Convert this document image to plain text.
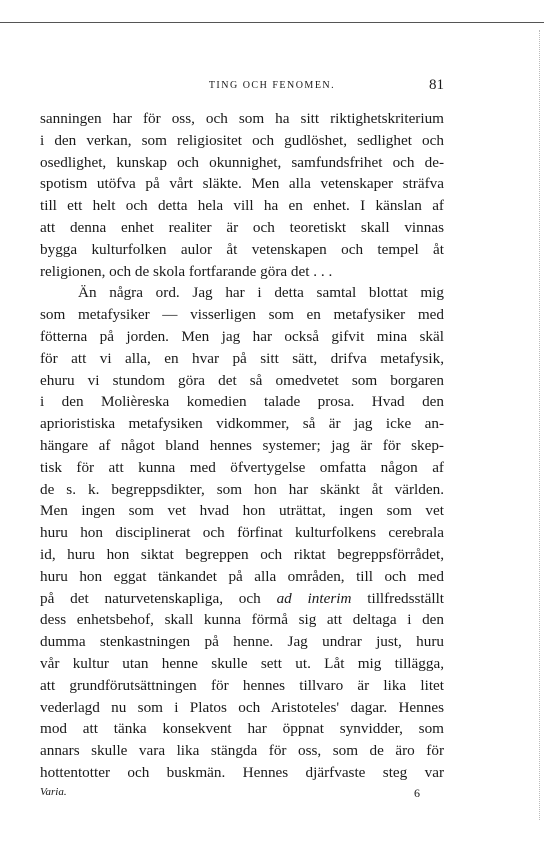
TING OCH FENOMEN.	81
sanningen har för oss, och som ha sitt riktighetskriterium
i den verkan, som religiositet och gudlöshet, sedlighet och
osedlighet, kunskap och okunnighet, samfundsfrihet och de-
spotism utöfva på vårt släkte. Men alla vetenskaper sträfva
till ett helt och detta hela vill ha en enhet. I känslan af
att denna enhet realiter är och teoretiskt skall vinnas
bygga kulturfolken aulor åt vetenskapen och tempel åt
religionen, och de skola fortfarande göra det . . .
Än några ord. Jag har i detta samtal blottat mig
som metafysiker — visserligen som en metafysiker med
fötterna på jorden. Men jag har också gifvit mina skäl
för att vi alla, en hvar på sitt sätt, drifva metafysik,
ehuru vi stundom göra det så omedvetet som borgaren
i den Molièreska komedien talade prosa. Hvad den
aprioristiska metafysiken vidkommer, så är jag icke an-
hängare af något bland hennes systemer; jag är för skep-
tisk för att kunna med öfvertygelse omfatta någon af
de s. k. begreppsdikter, som hon har skänkt åt världen.
Men ingen som vet hvad hon uträttat, ingen som vet
huru hon disciplinerat och förfinat kulturfolkens cerebrala
id, huru hon siktat begreppen och riktat begreppsförrådet,
huru hon eggat tänkandet på alla områden, till och med
på det naturvetenskapliga, och ad interim tillfredsställt
dess enhetsbehof, skall kunna förmå sig att deltaga i den
dumma stenkastningen på henne. Jag undrar just, huru
vår kultur utan henne skulle sett ut. Låt mig tillägga,
att grundförutsättningen för hennes tillvaro är lika litet
vederlagd nu som i Platos och Aristoteles' dagar. Hennes
mod att tänka konsekvent har öppnat synvidder, som
annars skulle vara lika stängda för oss, som de äro för
hottentotter och buskmän. Hennes djärfvaste steg var
Varia.	6
